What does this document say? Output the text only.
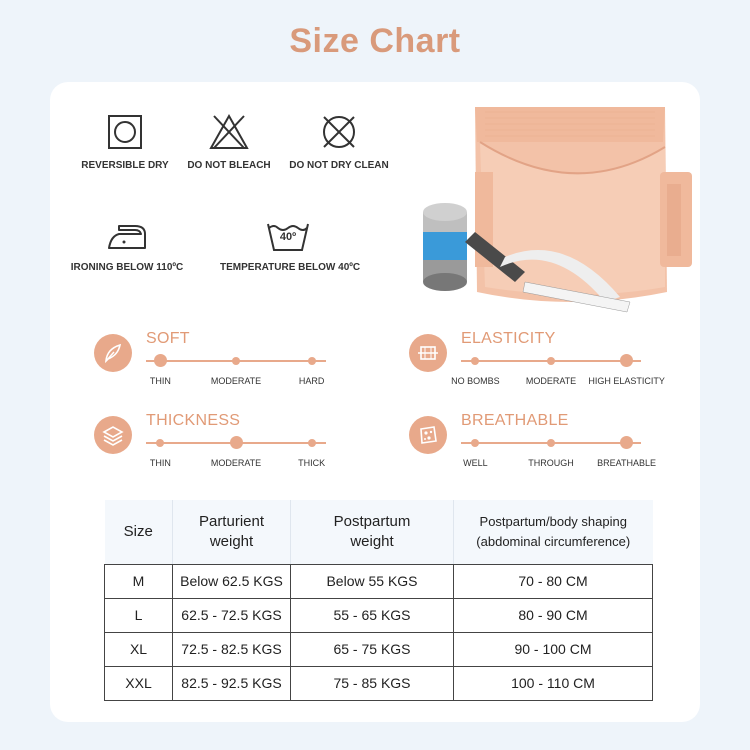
Size Chart
REVERSIBLE DRY	DO NOT BLEACH	DO NOT DRY CLEAN
IRONING BELOW 110ºC
40º
TEMPERATURE BELOW 40ºC
SOFT
THIN	MODERATE	HARD
ELASTICITY
NO BOMBS	MODERATE HIGH ELASTICITY
THICKNESS
THIN	MODERATE	THICK
BREATHABLE
WELL	THROUGH	BREATHABLE
Size	Parturient weight	Postpartum weight	Postpartum/body shaping (abdominal circumference)

M	Below 62.5 KGS	Below 55 KGS	70 - 80 CM
L	62.5 - 72.5 KGS	55 - 65 KGS	80 - 90 CM
XL	72.5 - 82.5 KGS	65 - 75 KGS	90 - 100 CM
XXL	82.5 - 92.5 KGS	75 - 85 KGS	100 - 110 CM
